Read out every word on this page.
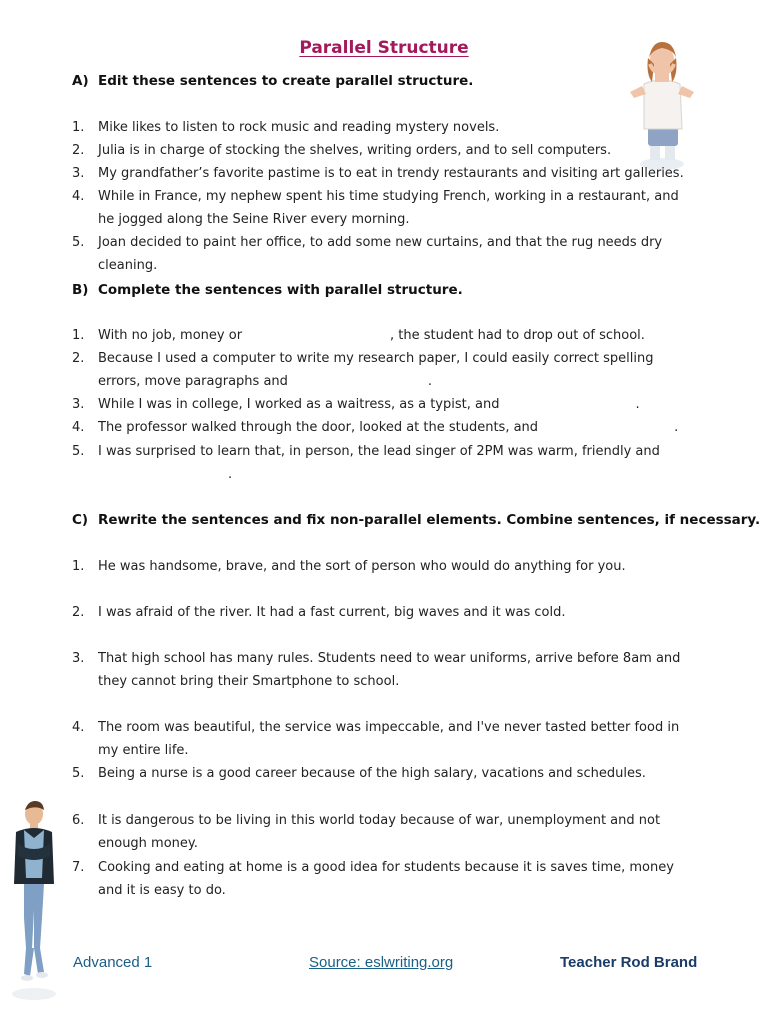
Parallel Structure
A) Edit these sentences to create parallel structure.
1.	Mike likes to listen to rock music and reading mystery novels.
2.	Julia is in charge of stocking the shelves, writing orders, and to sell computers.
3.	My grandfather’s favorite pastime is to eat in trendy restaurants and visiting art galleries.
4.	While in France, my nephew spent his time studying French, working in a restaurant, and he jogged along the Seine River every morning.
5.	Joan decided to paint her office, to add some new curtains, and that the rug needs dry cleaning.
B) Complete the sentences with parallel structure.
1.	With no job, money or	, the student had to drop out of school.
2.	Because I used a computer to write my research paper, I could easily correct spelling errors, move paragraphs and	.
3.	While I was in college, I worked as a waitress, as a typist, and	.
4.	The professor walked through the door, looked at the students, and	.
5.	I was surprised to learn that, in person, the lead singer of 2PM was warm, friendly and.
C) Rewrite the sentences and fix non-parallel elements. Combine sentences, if necessary.
1.	He was handsome, brave, and the sort of person who would do anything for you.
2.	I was afraid of the river. It had a fast current, big waves and it was cold.
3.	That high school has many rules. Students need to wear uniforms, arrive before 8am and they cannot bring their Smartphone to school.
4.	The room was beautiful, the service was impeccable, and I've never tasted better food in my entire life.
5.	Being a nurse is a good career because of the high salary, vacations and schedules.
6.	It is dangerous to be living in this world today because of war, unemployment and not enough money.
7.	Cooking and eating at home is a good idea for students because it is saves time, money and it is easy to do.
Advanced 1	Source: eslwriting.org	Teacher Rod Brand
